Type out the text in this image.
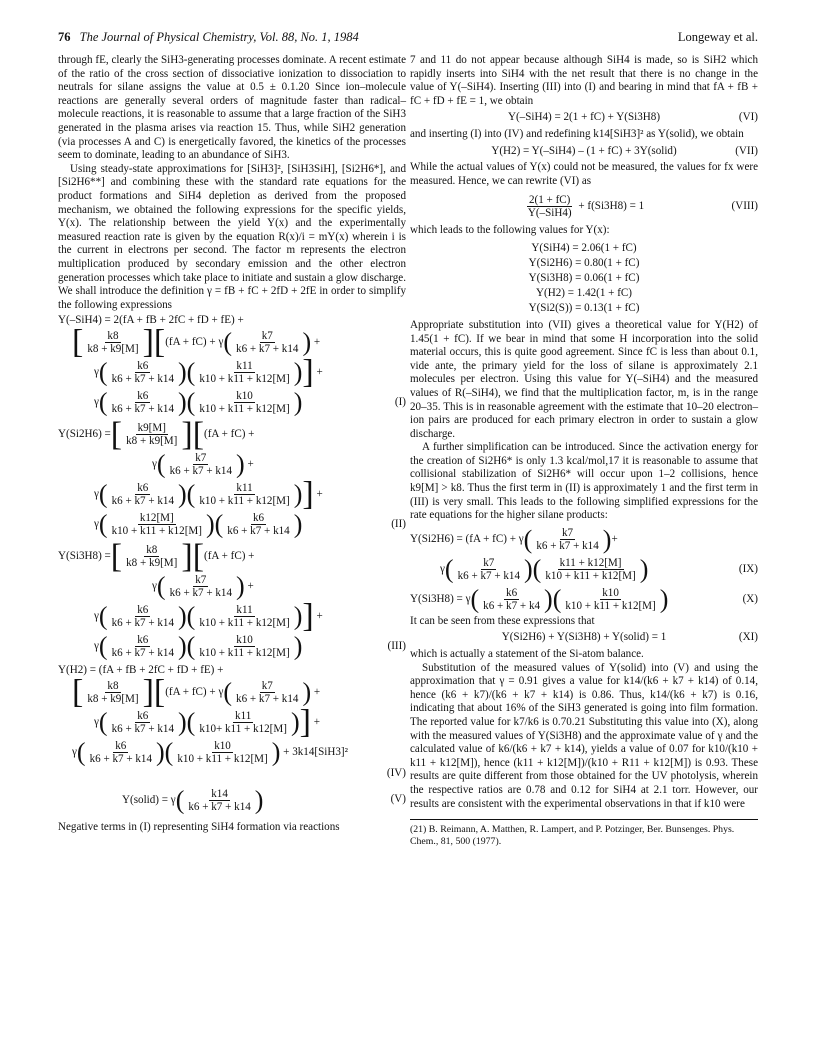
76 The Journal of Physical Chemistry, Vol. 88, No. 1, 1984	Longeway et al.

through fE, clearly the SiH3-generating processes dominate. A recent estimate of the ratio of the cross section of dissociative ionization to dissociation to neutrals for silane assigns the value at 0.5 ± 0.1.20 Since ion–molecule reactions are generally several orders of magnitude faster than radical–molecule reactions, it is reasonable to assume that a large fraction of the SiH3 generated in the plasma arises via reaction 15. Thus, while SiH2 generation (via processes A and C) is energetically favored, the kinetics of the processes seem to dominate, leading to an abundance of SiH3.

Using steady-state approximations for [SiH3]², [SiH3SiH], [Si2H6*], and [Si2H6**] and combining these with the standard rate equations for the product formations and SiH4 depletion as derived from the proposed mechanism, we obtained the following expressions for the specific yields, Y(x). The relationship between the yield Y(x) and the experimentally measured reaction rate is given by the equation R(x)/i = mY(x) wherein i is the current in electrons per second. The factor m represents the electron multiplication produced by secondary emission and the other electron generation processes which take place to initiate and sustain a glow discharge. We shall introduce the definition γ = fB + fC + 2fD + 2fE in order to simplify the following expressions

Y(–SiH4) = 2(fA + fB + 2fC + fD + fE) +
[ $\frac{k8}{k8 + k9[M]} ][(fA + fC) + \gamma( \frac{k7}{k6 + k7 + k14}$ ) +
$\gamma( \frac{k6}{k6 + k7 + k14}$ )( $\frac{k11}{k10 + k11 + k12[M]}$ )] +
$\gamma( \frac{k6}{k6 + k7 + k14}$ )( $\frac{k10}{k10 + k11 + k12[M]}$ )	(I)
Y(Si2H6) = [ $\frac{k9[M]}{k8 + k9[M]}$ ] [ (fA + fC) +
$\gamma( \frac{k7}{k6 + k7 + k14}$ ) +
$\gamma( \frac{k6}{k6 + k7 + k14}$ )( $\frac{k11}{k10 + k11 + k12[M]}$ )] +
$\gamma( \frac{k12[M]}{k10 + k11 + k12[M]}$ )( $\frac{k6}{k6 + k7 + k14}$ )	(II)
Y(Si3H8) = [ $\frac{k8}{k8 + k9[M]}$ ] [ (fA + fC) +
$\gamma( \frac{k7}{k6 + k7 + k14}$ ) +
$\gamma( \frac{k6}{k6 + k7 + k14}$ )( $\frac{k11}{k10 + k11 + k12[M]}$ )] +
$\gamma( \frac{k6}{k6 + k7 + k14}$ )( $\frac{k10}{k10 + k11 + k12[M]}$ )	(III)
Y(H2) = (fA + fB + 2fC + fD + fE) +
[ $\frac{k8}{k8 + k9[M]} ][(fA + fC) + \gamma( \frac{k7}{k6 + k7 + k14}$ ) +
$\gamma( \frac{k6}{k6 + k7 + k14}$ )( $\frac{k11}{k10+ k11 + k12[M]}$ )] +
$\gamma( \frac{k6}{k6 + k7 + k14}$ )( $\frac{k10}{k10 + k11 + k12[M]}$ ) + 3k14[SiH3]²
(IV)
Y(solid) = $\gamma( \frac{k14}{k6 + k7 + k14}$ )	(V)

Negative terms in (I) representing SiH4 formation via reactions

7 and 11 do not appear because although SiH4 is made, so is SiH2 which rapidly inserts into SiH4 with the net result that there is no change in the value of Y(–SiH4). Inserting (III) into (I) and bearing in mind that fA + fB + fC + fD + fE = 1, we obtain

Y(–SiH4) = 2(1 + fC) + Y(Si3H8)	(VI)

and inserting (I) into (IV) and redefining k14[SiH3]² as Y(solid), we obtain

Y(H2) = Y(–SiH4) – (1 + fC) + 3Y(solid)	(VII)

While the actual values of Y(x) could not be measured, the values for fx were measured. Hence, we can rewrite (VI) as

$\frac{2(1 + fC)}{\text{Y(–SiH4)}} + f(Si3H8) = 1$	(VIII)

which leads to the following values for Y(x):

Y(SiH4) = 2.06(1 + fC)
Y(Si2H6) = 0.80(1 + fC)
Y(Si3H8) = 0.06(1 + fC)
Y(H2) = 1.42(1 + fC)
Y(Si2(S)) = 0.13(1 + fC)

Appropriate substitution into (VII) gives a theoretical value for Y(H2) of 1.45(1 + fC). If we bear in mind that some H incorporation into the solid material occurs, this is quite good agreement. Since fC is less than about 0.1, vide ante, the primary yield for the loss of silane is approximately 2.1 molecules per electron. Using this value for Y(–SiH4) and the measured values of R(–SiH4), we find that the multiplication factor, m, is in the range 20–35. This is in reasonable agreement with the estimate that 10–20 electron–ion pairs are produced for each primary electron in order to sustain a glow discharge.

A further simplification can be introduced. Since the activation energy for the creation of Si2H6* is only 1.3 kcal/mol,17 it is reasonable to assume that collisional stabilization of Si2H6* will occur upon 1–2 collisions, hence k9[M] > k8. Thus the first term in (II) is approximately 1 and the first term in (III) is very small. This leads to the following simplified expressions for the rate equations for the higher silane products:

Y(Si2H6) = (fA + fC) + γ ( $\frac{k7}{k6 + k7 + k14}$ ) +
$\gamma( \frac{k7}{k6 + k7 + k14}$ )( $\frac{k11 + k12[M]}{k10 + k11 + k12[M]}$ )	(IX)
$Y(Si3H8) = \gamma( \frac{k6}{k6 + k7 + k4}$ )( $\frac{k10}{k10 + k11 + k12[M]}$ )	(X)

It can be seen from these expressions that

Y(Si2H6) + Y(Si3H8) + Y(solid) = 1	(XI)

which is actually a statement of the Si-atom balance.

Substitution of the measured values of Y(solid) into (V) and using the approximation that γ = 0.91 gives a value for k14/(k6 + k7 + k14) of 0.14, hence (k6 + k7)/(k6 + k7 + k14) is 0.86. Thus, k14/(k6 + k7) is 0.16, indicating that about 16% of the SiH3 generated is going into film formation. The reported value for k7/k6 is 0.70.21 Substituting this value into (X), along with the measured values of Y(Si3H8) and the approximate value of γ and the calculated value of k6/(k6 + k7 + k14), yields a value of 0.07 for k10/(k10 + k11 + k12[M]), hence (k11 + k12[M])/(k10 + R11 + k12[M]) is 0.93. These results are quite different from those obtained for the UV photolysis, wherein the respective ratios are 0.78 and 0.12 for SiH4 at 2.1 torr. However, our results are consistent with the experimental observations in that if k10 were

(21) B. Reimann, A. Matthen, R. Lampert, and P. Potzinger, Ber. Bunsenges. Phys. Chem., 81, 500 (1977).
